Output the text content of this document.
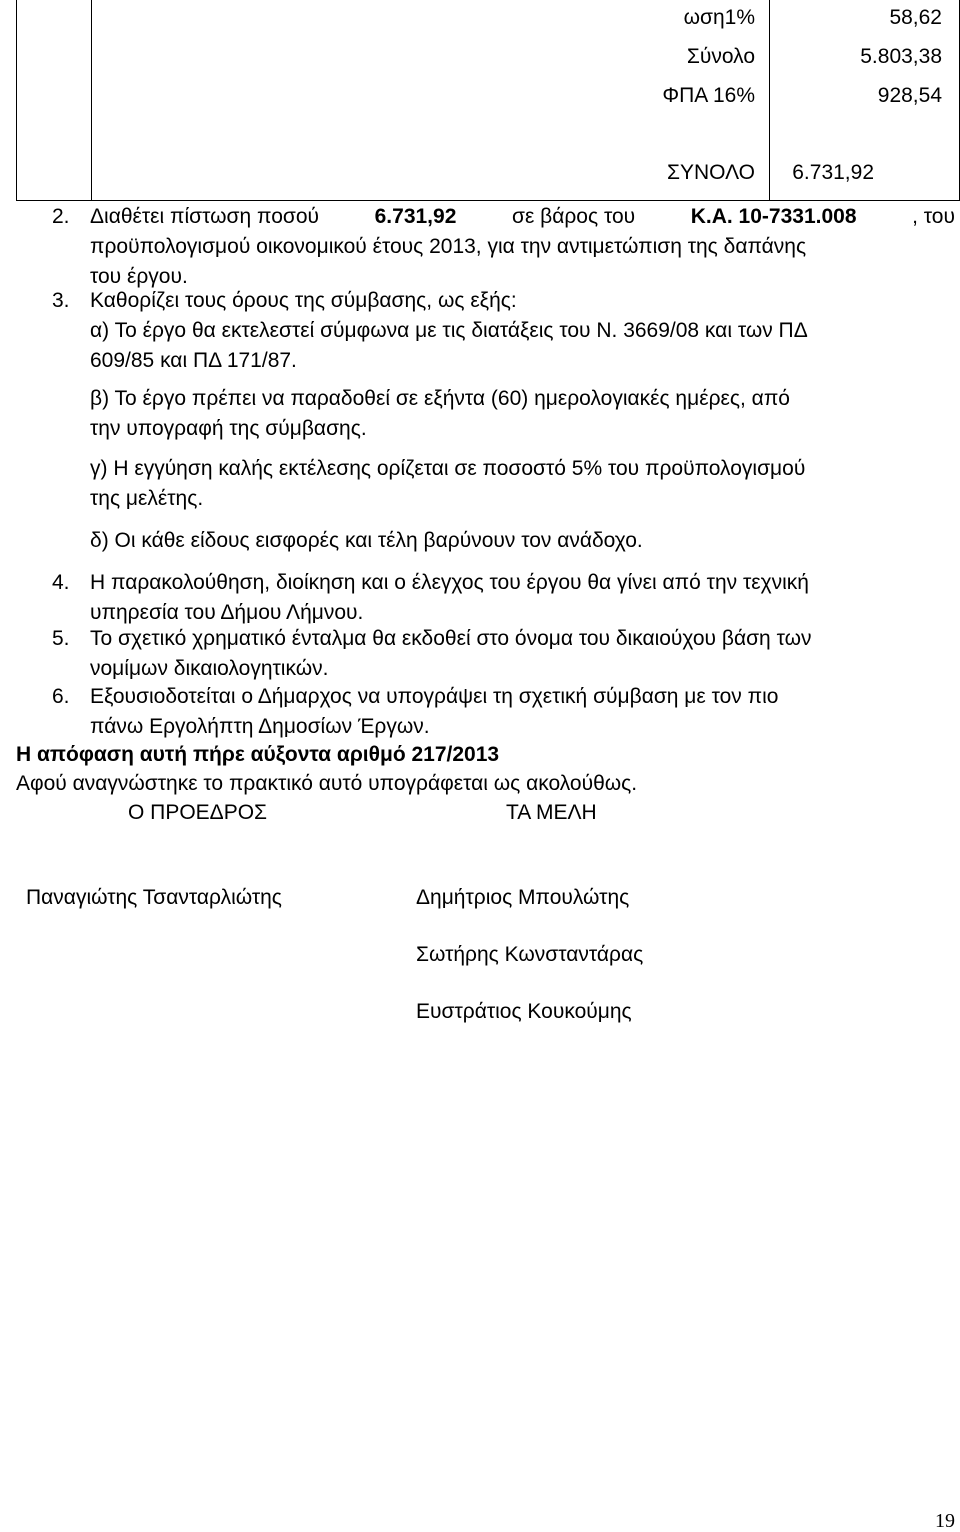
ωση1%	58,62
Σύνολο	5.803,38
ΦΠΑ 16%	928,54
ΣΥΝΟΛΟ	6.731,92
2. Διαθέτει πίστωση ποσού	6.731,92	σε βάρος του	Κ.Α. 10-7331.008	, του
προϋπολογισμού οικονομικού έτους 2013, για την αντιμετώπιση της δαπάνης
του έργου.
3. Καθορίζει τους όρους της σύμβασης, ως εξής:
α) Το έργο θα εκτελεστεί σύμφωνα με τις διατάξεις του Ν. 3669/08 και των ΠΔ
609/85 και ΠΔ 171/87.
β) Το έργο πρέπει να παραδοθεί σε εξήντα (60) ημερολογιακές ημέρες, από
την υπογραφή της σύμβασης.
γ) Η εγγύηση καλής εκτέλεσης ορίζεται σε ποσοστό 5% του προϋπολογισμού
της μελέτης.
δ) Οι κάθε είδους εισφορές και τέλη βαρύνουν τον ανάδοχο.
4. Η παρακολούθηση, διοίκηση και ο έλεγχος του έργου θα γίνει από την τεχνική
υπηρεσία του Δήμου Λήμνου.
5. Το σχετικό χρηματικό ένταλμα θα εκδοθεί στο όνομα του δικαιούχου βάση των
νομίμων δικαιολογητικών.
6. Εξουσιοδοτείται ο Δήμαρχος να υπογράψει τη σχετική σύμβαση με τον πιο
πάνω Εργολήπτη Δημοσίων Έργων.
Η απόφαση αυτή πήρε αύξοντα αριθμό 217/2013
Αφού αναγνώστηκε το πρακτικό αυτό υπογράφεται ως ακολούθως.
Ο ΠΡΟΕΔΡΟΣ	ΤΑ ΜΕΛΗ
Παναγιώτης Τσανταρλιώτης	Δημήτριος Μπουλώτης
Σωτήρης Κωνσταντάρας
Ευστράτιος Κουκούμης
19
